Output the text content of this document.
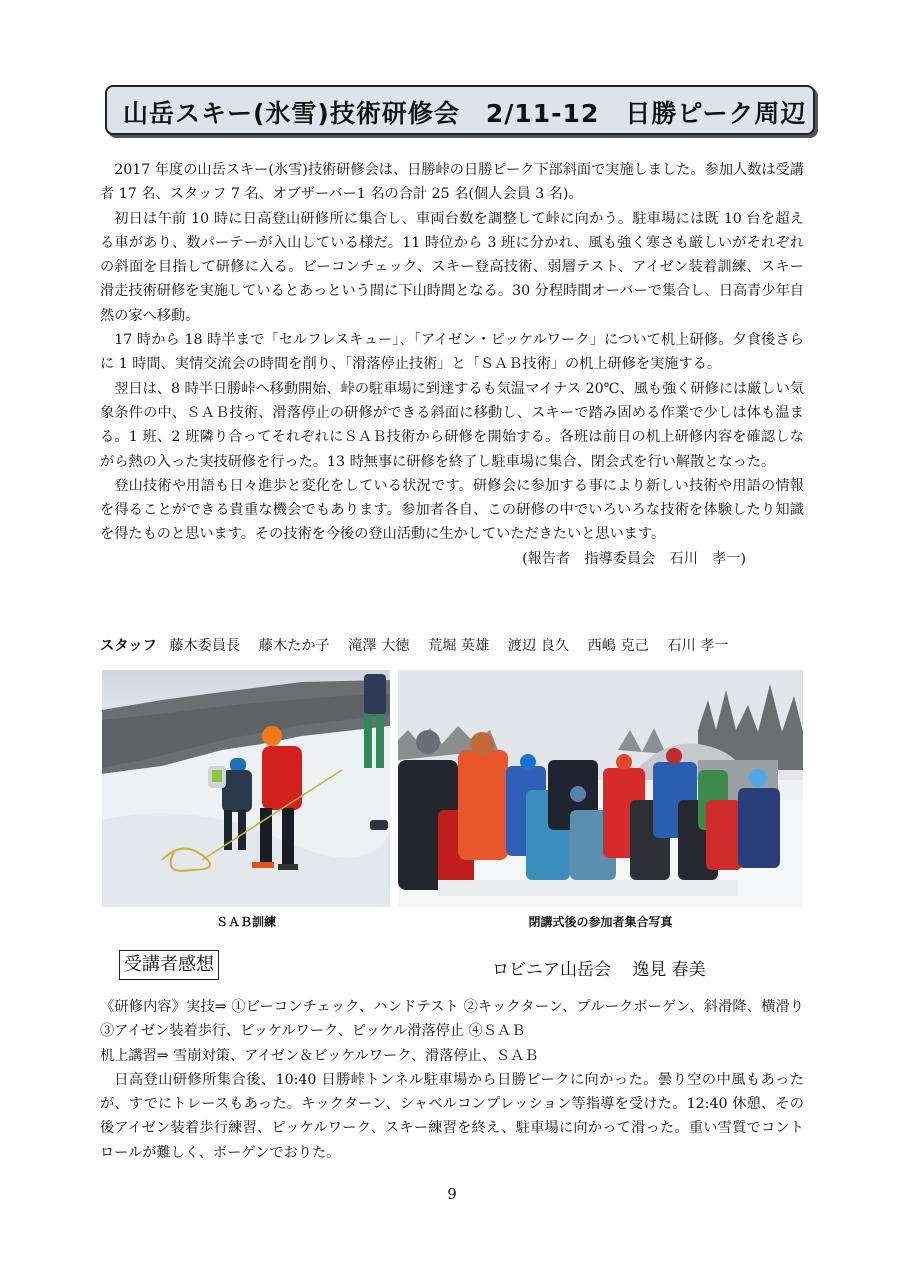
山岳スキー(氷雪)技術研修会　2/11-12　日勝ピーク周辺

2017 年度の山岳スキー(氷雪)技術研修会は、日勝峠の日勝ピーク下部斜面で実施しました。参加人数は受講者 17 名、スタッフ 7 名、オブザーバー1 名の合計 25 名(個人会員 3 名)。

初日は午前 10 時に日高登山研修所に集合し、車両台数を調整して峠に向かう。駐車場には既 10 台を超える車があり、数パーテーが入山している様だ。11 時位から 3 班に分かれ、風も強く寒さも厳しいがそれぞれの斜面を目指して研修に入る。ビーコンチェック、スキー登高技術、弱層テスト、アイゼン装着訓練、スキー滑走技術研修を実施しているとあっという間に下山時間となる。30 分程時間オーバーで集合し、日高青少年自然の家へ移動。

17 時から 18 時半まで「セルフレスキュー」、「アイゼン・ピッケルワーク」について机上研修。夕食後さらに 1 時間、実情交流会の時間を削り、「滑落停止技術」と「ＳＡＢ技術」の机上研修を実施する。

翌日は、8 時半日勝峠へ移動開始、峠の駐車場に到達するも気温マイナス 20℃、風も強く研修には厳しい気象条件の中、ＳＡＢ技術、滑落停止の研修ができる斜面に移動し、スキーで踏み固める作業で少しは体も温まる。1 班、2 班隣り合ってそれぞれにＳＡＢ技術から研修を開始する。各班は前日の机上研修内容を確認しながら熱の入った実技研修を行った。13 時無事に研修を終了し駐車場に集合、閉会式を行い解散となった。

登山技術や用語も日々進歩と変化をしている状況です。研修会に参加する事により新しい技術や用語の情報を得ることができる貴重な機会でもあります。参加者各自、この研修の中でいろいろな技術を体験したり知識を得たものと思います。その技術を今後の登山活動に生かしていただきたいと思います。

(報告者　指導委員会　石川　孝一)
スタッフ 藤木委員長 藤木たか子 滝澤 大徳 荒堀 英雄 渡辺 良久 西嶋 克己 石川 孝一
ＳＡＢ訓練	閉講式後の参加者集合写真
受講者感想	ロビニア山岳会 逸見 春美

《研修内容》実技⇒ ①ビーコンチェック、ハンドテスト ②キックターン、プルークボーゲン、斜滑降、横滑り ③アイゼン装着歩行、ピッケルワーク、ピッケル滑落停止 ④ＳＡＢ

机上講習⇒ 雪崩対策、アイゼン＆ピッケルワーク、滑落停止、ＳＡＢ

日高登山研修所集合後、10:40 日勝峠トンネル駐車場から日勝ピークに向かった。曇り空の中風もあったが、すでにトレースもあった。キックターン、シャベルコンプレッション等指導を受けた。12:40 休憩、その後アイゼン装着歩行練習、ピッケルワーク、スキー練習を終え、駐車場に向かって滑った。重い雪質でコントロールが難しく、ボーゲンでおりた。

9
